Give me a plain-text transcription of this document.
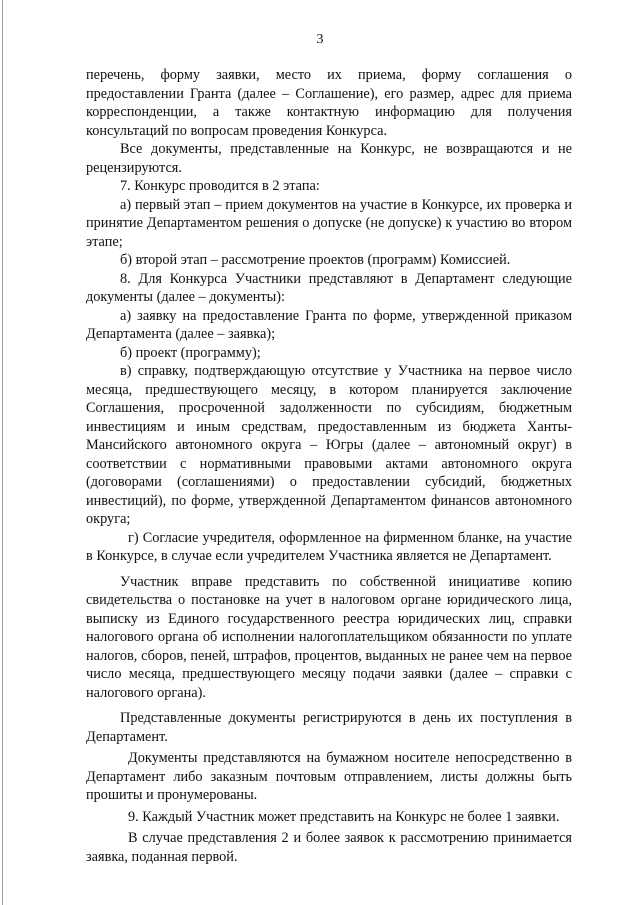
3

перечень, форму заявки, место их приема, форму соглашения о предоставлении Гранта (далее – Соглашение), его размер, адрес для приема корреспонденции, а также контактную информацию для получения консультаций по вопросам проведения Конкурса.

Все документы, представленные на Конкурс, не возвращаются и не рецензируются.

7. Конкурс проводится в 2 этапа:

а) первый этап – прием документов на участие в Конкурсе, их проверка и принятие Департаментом решения о допуске (не допуске) к участию во втором этапе;

б) второй этап – рассмотрение проектов (программ) Комиссией.

8. Для Конкурса Участники представляют в Департамент следующие документы (далее – документы):

а) заявку на предоставление Гранта по форме, утвержденной приказом Департамента (далее – заявка);

б) проект (программу);

в) справку, подтверждающую отсутствие у Участника на первое число месяца, предшествующего месяцу, в котором планируется заключение Соглашения, просроченной задолженности по субсидиям, бюджетным инвестициям и иным средствам, предоставленным из бюджета Ханты-Мансийского автономного округа – Югры (далее – автономный округ) в соответствии с нормативными правовыми актами автономного округа (договорами (соглашениями) о предоставлении субсидий, бюджетных инвестиций), по форме, утвержденной Департаментом финансов автономного округа;

г) Согласие учредителя, оформленное на фирменном бланке, на участие в Конкурсе, в случае если учредителем Участника является не Департамент.

Участник вправе представить по собственной инициативе копию свидетельства о постановке на учет в налоговом органе юридического лица, выписку из Единого государственного реестра юридических лиц, справки налогового органа об исполнении налогоплательщиком обязанности по уплате налогов, сборов, пеней, штрафов, процентов, выданных не ранее чем на первое число месяца, предшествующего месяцу подачи заявки (далее – справки с налогового органа).

Представленные документы регистрируются в день их поступления в Департамент.

Документы представляются на бумажном носителе непосредственно в Департамент либо заказным почтовым отправлением, листы должны быть прошиты и пронумерованы.

9. Каждый Участник может представить на Конкурс не более 1 заявки.

В случае представления 2 и более заявок к рассмотрению принимается заявка, поданная первой.
